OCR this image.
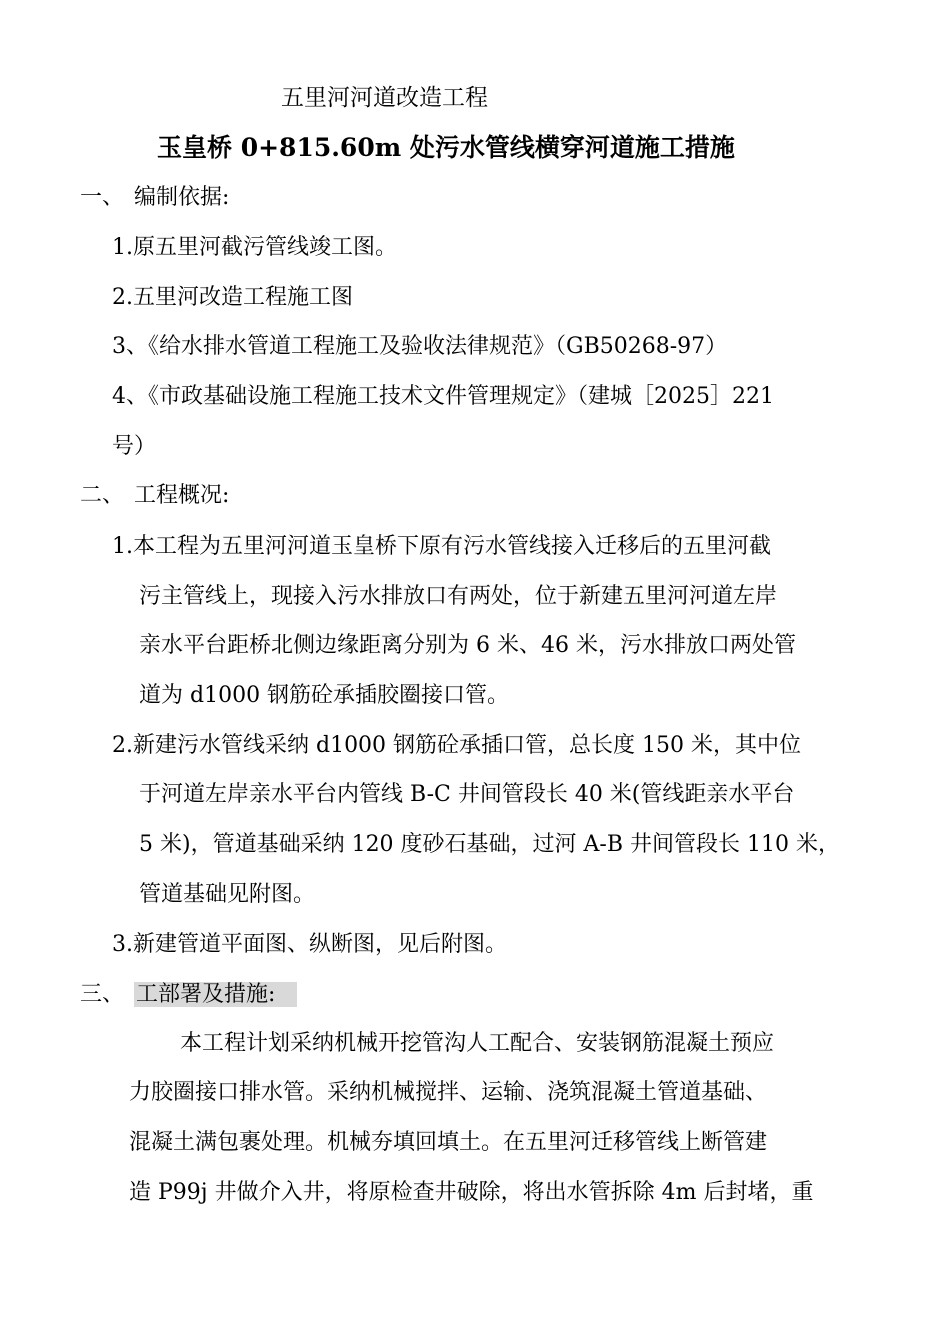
五里河河道改造工程
玉皇桥 0+815.60m 处污水管线横穿河道施工措施
一、 编制依据:
1.原五里河截污管线竣工图。
2.五里河改造工程施工图
3、《给水排水管道工程施工及验收法律规范》（GB50268-97）
4、《市政基础设施工程施工技术文件管理规定》（建城［2025］221
号）
二、 工程概况:
1.本工程为五里河河道玉皇桥下原有污水管线接入迁移后的五里河截
污主管线上，现接入污水排放口有两处，位于新建五里河河道左岸
亲水平台距桥北侧边缘距离分别为 6 米、46 米，污水排放口两处管
道为 d1000 钢筋砼承插胶圈接口管。
2.新建污水管线采纳 d1000 钢筋砼承插口管，总长度 150 米，其中位
于河道左岸亲水平台内管线 B-C 井间管段长 40 米(管线距亲水平台
5 米)，管道基础采纳 120 度砂石基础，过河 A-B 井间管段长 110 米，
管道基础见附图。
3.新建管道平面图、纵断图，见后附图。
三、 工部署及措施:
本工程计划采纳机械开挖管沟人工配合、安装钢筋混凝土预应
力胶圈接口排水管。采纳机械搅拌、运输、浇筑混凝土管道基础、
混凝土满包裹处理。机械夯填回填土。在五里河迁移管线上断管建
造 P99j 井做介入井，将原检查井破除，将出水管拆除 4m 后封堵，重
